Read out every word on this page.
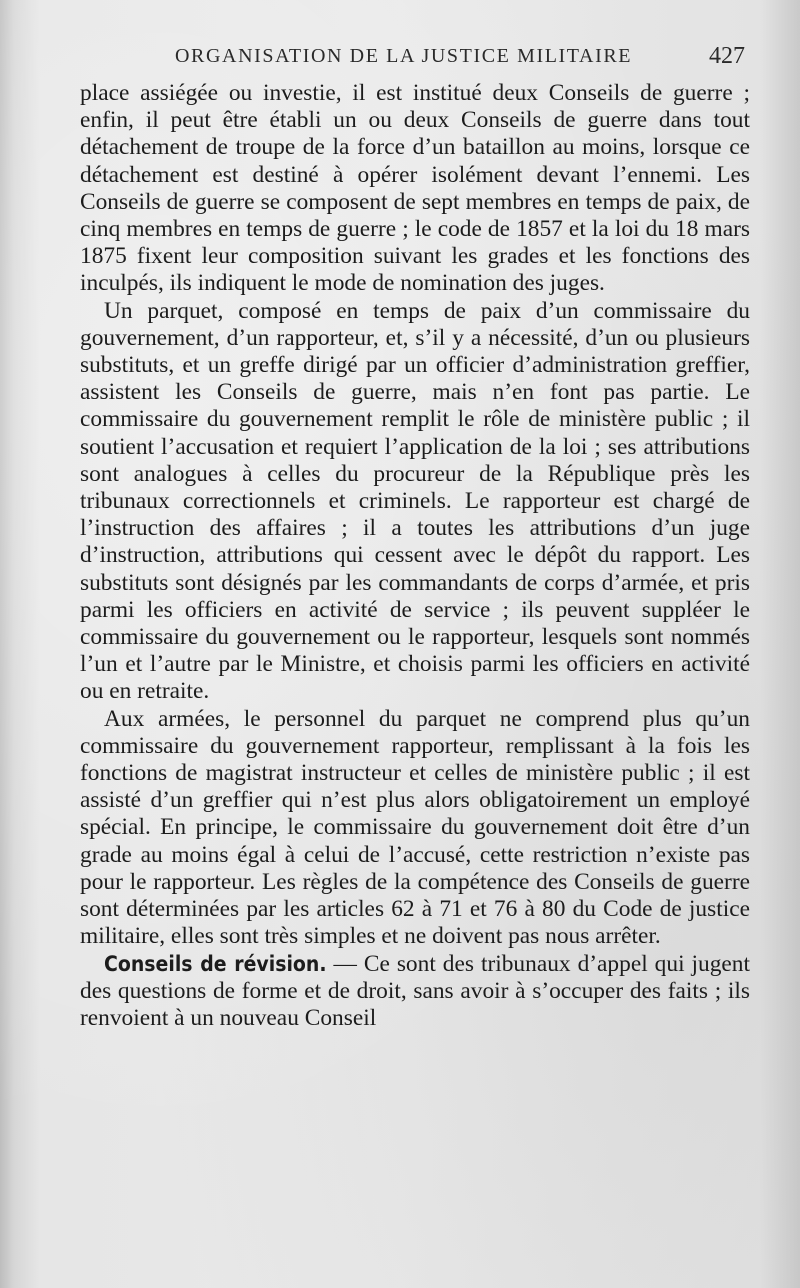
ORGANISATION DE LA JUSTICE MILITAIRE	427

place assiégée ou investie, il est institué deux Conseils de guerre ; enfin, il peut être établi un ou deux Conseils de guerre dans tout détachement de troupe de la force d’un bataillon au moins, lorsque ce détachement est destiné à opérer isolément devant l’ennemi. Les Conseils de guerre se composent de sept membres en temps de paix, de cinq membres en temps de guerre ; le code de 1857 et la loi du 18 mars 1875 fixent leur composition suivant les grades et les fonctions des inculpés, ils indiquent le mode de nomination des juges.

Un parquet, composé en temps de paix d’un commissaire du gouvernement, d’un rapporteur, et, s’il y a nécessité, d’un ou plusieurs substituts, et un greffe dirigé par un officier d’administration greffier, assistent les Conseils de guerre, mais n’en font pas partie. Le commissaire du gouvernement remplit le rôle de ministère public ; il soutient l’accusation et requiert l’application de la loi ; ses attributions sont analogues à celles du procureur de la République près les tribunaux correctionnels et criminels. Le rapporteur est chargé de l’instruction des affaires ; il a toutes les attributions d’un juge d’instruction, attributions qui cessent avec le dépôt du rapport. Les substituts sont désignés par les commandants de corps d’armée, et pris parmi les officiers en activité de service ; ils peuvent suppléer le commissaire du gouvernement ou le rapporteur, lesquels sont nommés l’un et l’autre par le Ministre, et choisis parmi les officiers en activité ou en retraite.

Aux armées, le personnel du parquet ne comprend plus qu’un commissaire du gouvernement rapporteur, remplissant à la fois les fonctions de magistrat instructeur et celles de ministère public ; il est assisté d’un greffier qui n’est plus alors obligatoirement un employé spécial. En principe, le commissaire du gouvernement doit être d’un grade au moins égal à celui de l’accusé, cette restriction n’existe pas pour le rapporteur. Les règles de la compétence des Conseils de guerre sont déterminées par les articles 62 à 71 et 76 à 80 du Code de justice militaire, elles sont très simples et ne doivent pas nous arrêter.

Conseils de révision. — Ce sont des tribunaux d’appel qui jugent des questions de forme et de droit, sans avoir à s’occuper des faits ; ils renvoient à un nouveau Conseil
